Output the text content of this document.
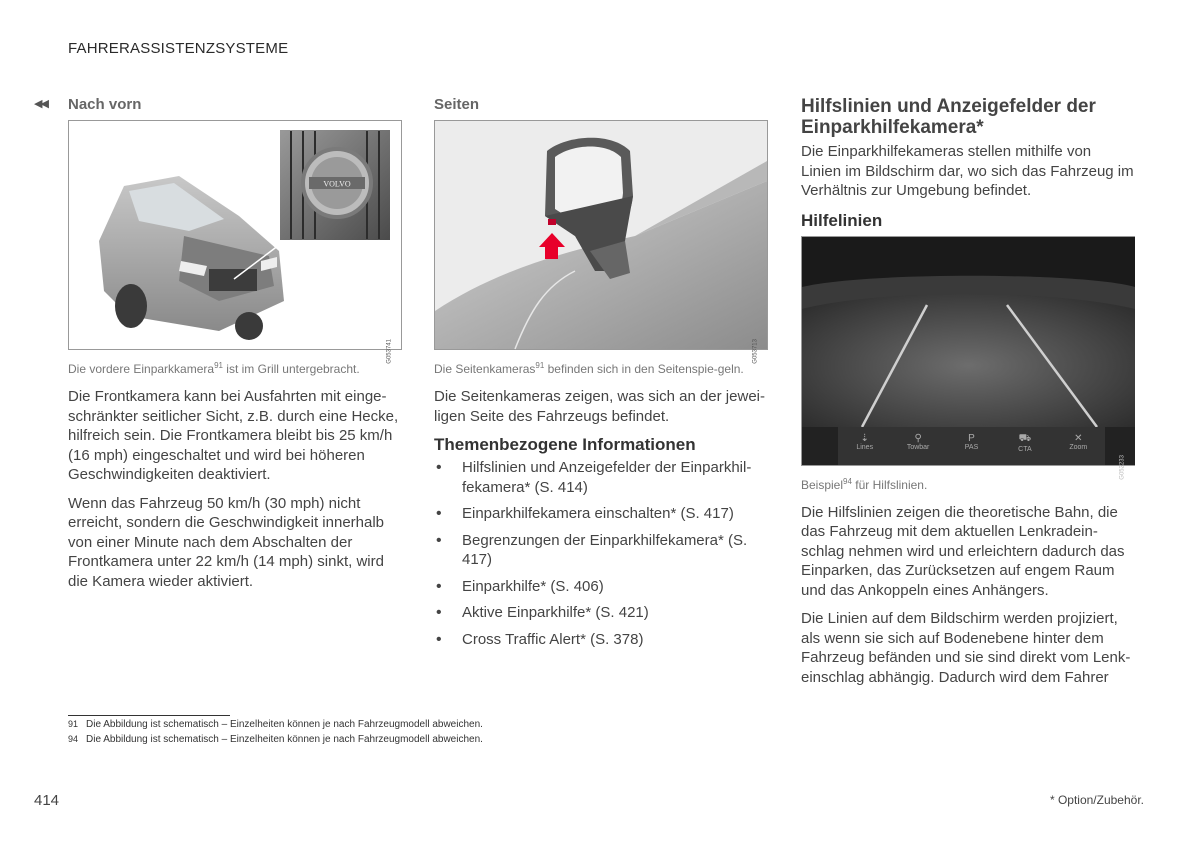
FAHRERASSISTENZSYSTEME
◀◀ Nach vorn
VOLVO
G053741
Die vordere Einparkkamera$^{91}$ ist im Grill untergebracht.

Die Frontkamera kann bei Ausfahrten mit einge-schränkter seitlicher Sicht, z.B. durch eine Hecke, hilfreich sein. Die Frontkamera bleibt bis 25 km/h (16 mph) eingeschaltet und wird bei höheren Geschwindigkeiten deaktiviert.

Wenn das Fahrzeug 50 km/h (30 mph) nicht erreicht, sondern die Geschwindigkeit innerhalb von einer Minute nach dem Abschalten der Frontkamera unter 22 km/h (14 mph) sinkt, wird die Kamera wieder aktiviert.

Seiten
G053713
Die Seitenkameras$^{91}$ befinden sich in den Seitenspie-geln.

Die Seitenkameras zeigen, was sich an der jewei-ligen Seite des Fahrzeugs befindet.

Themenbezogene Informationen
• Hilfslinien und Anzeigefelder der Einparkhil-fekamera* (S. 414)
• Einparkhilfekamera einschalten* (S. 417)
• Begrenzungen der Einparkhilfekamera* (S. 417)
• Einparkhilfe* (S. 406)
• Aktive Einparkhilfe* (S. 421)
• Cross Traffic Alert* (S. 378)
Hilfslinien und Anzeigefelder der Einparkhilfekamera*

Die Einparkhilfekameras stellen mithilfe von Linien im Bildschirm dar, wo sich das Fahrzeug im Verhältnis zur Umgebung befindet.

Hilfelinien
⇣
Lines
⚲
Towbar
P
PAS
⛟
CTA
✕
Zoom
G052233
Beispiel$^{94}$ für Hilfslinien.

Die Hilfslinien zeigen die theoretische Bahn, die das Fahrzeug mit dem aktuellen Lenkradein-schlag nehmen wird und erleichtern dadurch das Einparken, das Zurücksetzen auf engem Raum und das Ankoppeln eines Anhängers.

Die Linien auf dem Bildschirm werden projiziert, als wenn sie sich auf Bodenebene hinter dem Fahrzeug befänden und sie sind direkt vom Lenk-einschlag abhängig. Dadurch wird dem Fahrer

91 Die Abbildung ist schematisch – Einzelheiten können je nach Fahrzeugmodell abweichen.
94 Die Abbildung ist schematisch – Einzelheiten können je nach Fahrzeugmodell abweichen.
414	* Option/Zubehör.
